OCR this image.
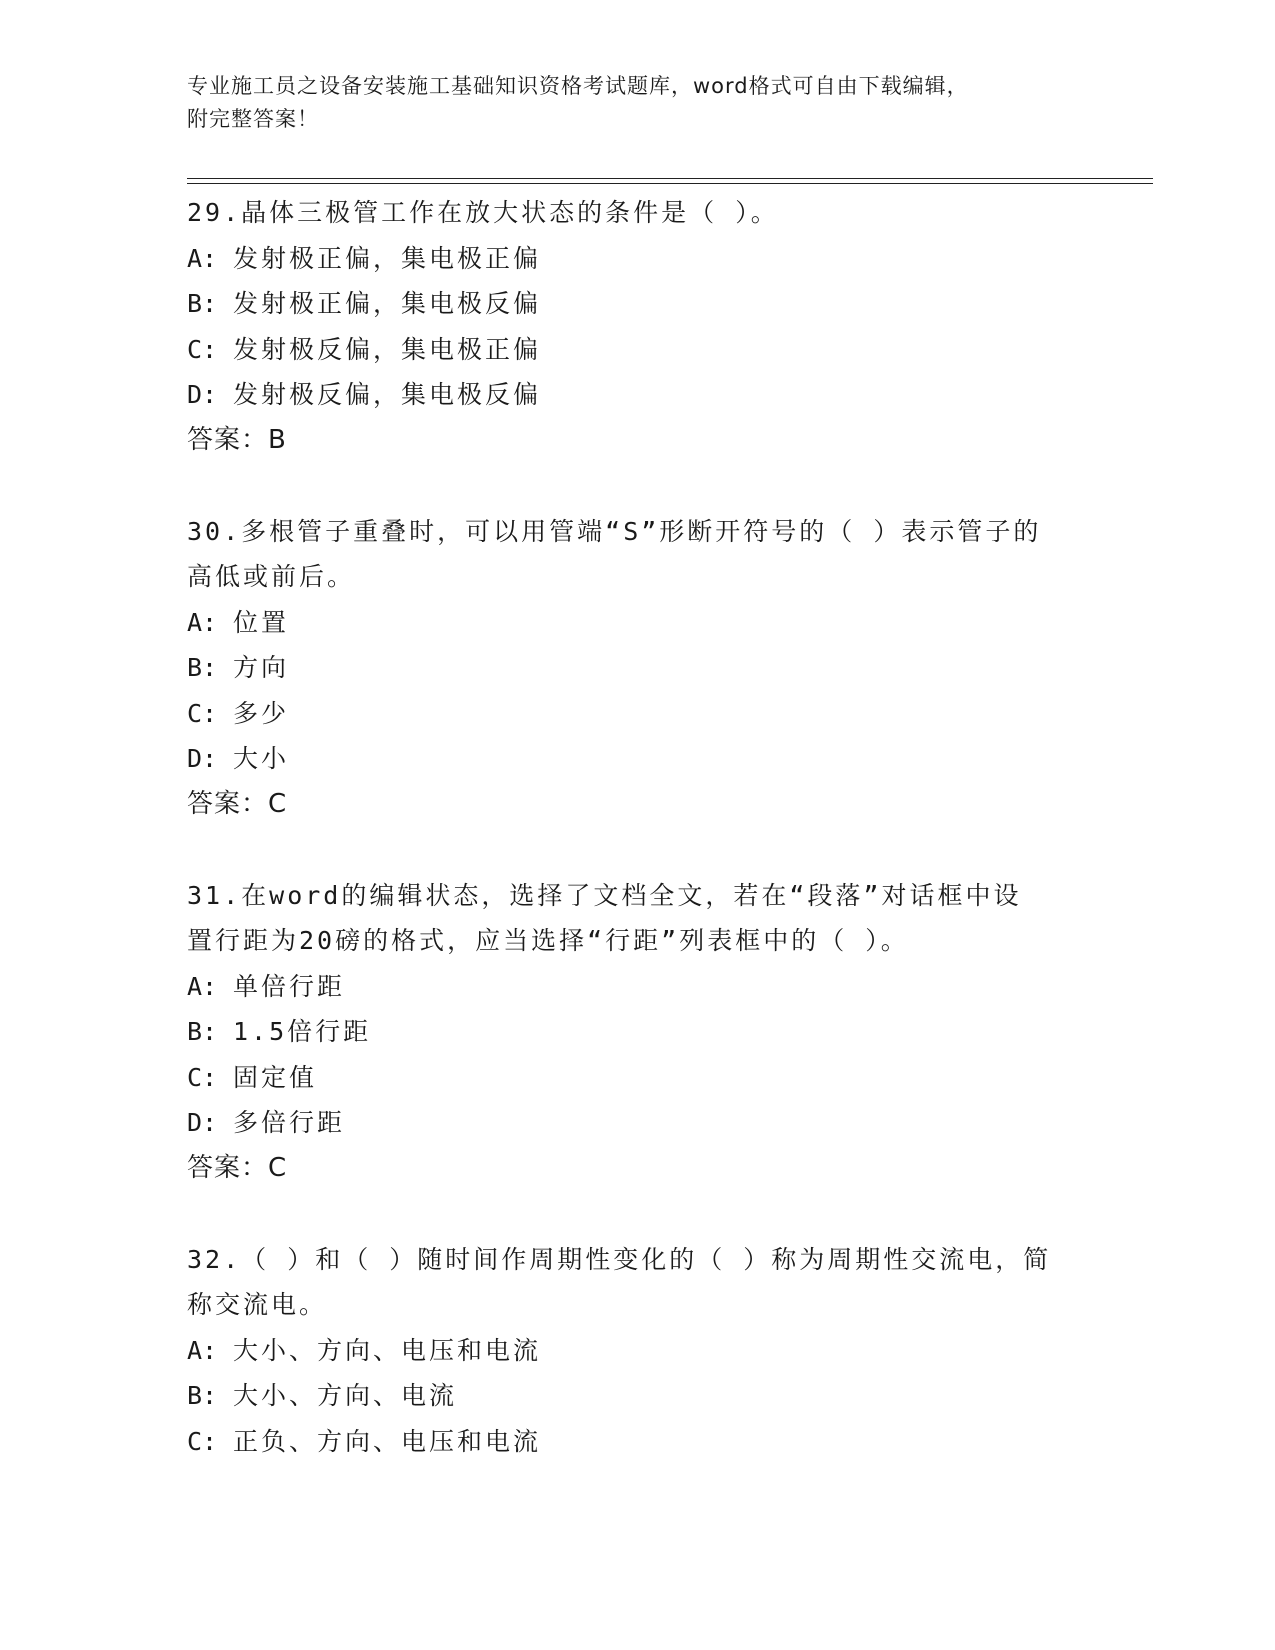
专业施工员之设备安装施工基础知识资格考试题库，word格式可自由下载编辑，
附完整答案！
29.晶体三极管工作在放大状态的条件是（ ）。
A: 发射极正偏，集电极正偏
B: 发射极正偏，集电极反偏
C: 发射极反偏，集电极正偏
D: 发射极反偏，集电极反偏
答案：B
30.多根管子重叠时，可以用管端“S”形断开符号的（ ）表示管子的
高低或前后。
A: 位置
B: 方向
C: 多少
D: 大小
答案：C
31.在word的编辑状态，选择了文档全文，若在“段落”对话框中设
置行距为20磅的格式，应当选择“行距”列表框中的（ ）。
A: 单倍行距
B: 1.5倍行距
C: 固定值
D: 多倍行距
答案：C
32.（ ）和（ ）随时间作周期性变化的（ ）称为周期性交流电，简
称交流电。
A: 大小、方向、电压和电流
B: 大小、方向、电流
C: 正负、方向、电压和电流
